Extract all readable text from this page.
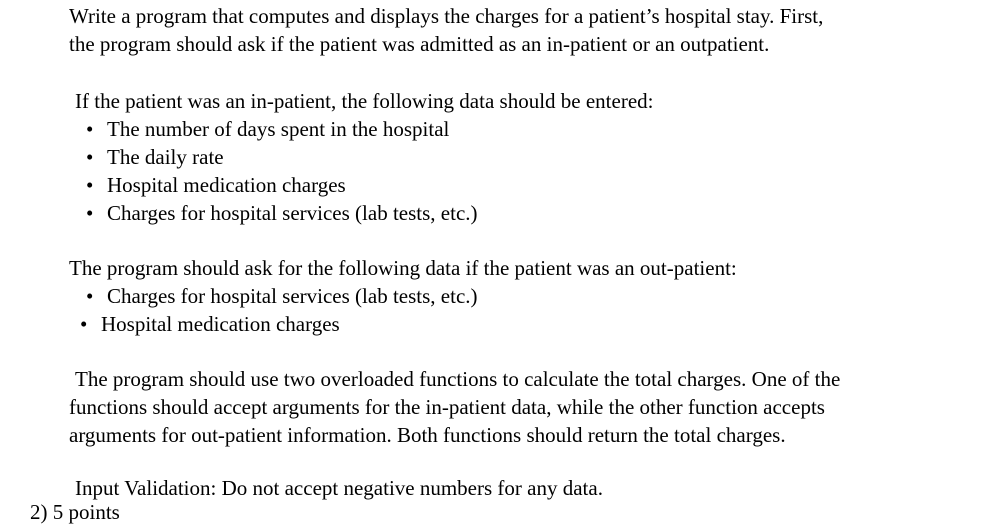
Write a program that computes and displays the charges for a patient’s hospital stay. First,
the program should ask if the patient was admitted as an in-patient or an outpatient.

If the patient was an in-patient, the following data should be entered:

• The number of days spent in the hospital
• The daily rate
• Hospital medication charges
• Charges for hospital services (lab tests, etc.)

The program should ask for the following data if the patient was an out-patient:

• Charges for hospital services (lab tests, etc.)
• Hospital medication charges

The program should use two overloaded functions to calculate the total charges. One of the
functions should accept arguments for the in-patient data, while the other function accepts
arguments for out-patient information. Both functions should return the total charges.

Input Validation: Do not accept negative numbers for any data.

2) 5 points
